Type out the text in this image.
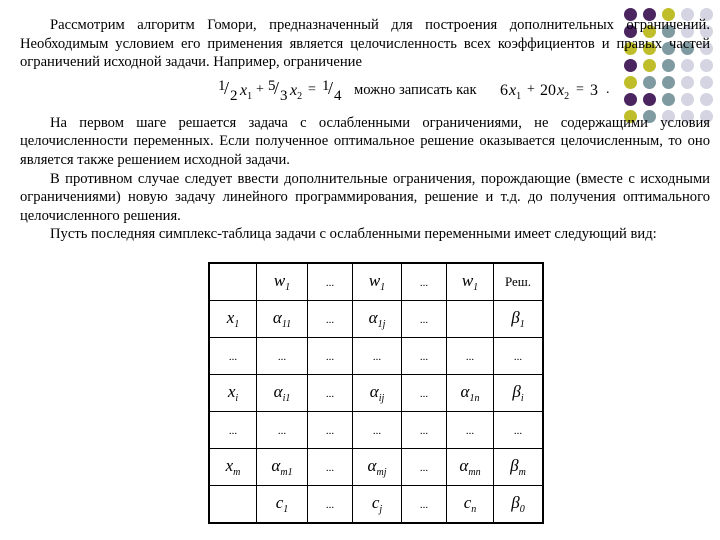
Рассмотрим алгоритм Гомори, предназначенный для построения дополнительных ограничений. Необходимым условием его применения является целочисленность всех коэффициентов и правых частей ограничений исходной задачи. Например, ограничение

На первом шаге решается задача с ослабленными ограничениями, не содержащими условия целочисленности переменных. Если полученное оптимальное решение оказывается целочисленным, то оно является также решением исходной задачи.

В противном случае следует ввести дополнительные ограничения, порождающие (вместе с исходными ограничениями) новую задачу линейного программирования, решение и т.д. до получения оптимального целочисленного решения.

Пусть последняя симплекс-таблица задачи с ослабленными переменными имеет следующий вид:

1
/ 2 $x_1 + 5$
/ 3 $x_2 = 1$
/ 4 можно записать как 6 $x_1 + 20$ $x_2 = 3$ .
	$w_1$	...	$w_1$	...	$w_1$	Реш.
$x_1$	$\alpha_{11}$	...	$\alpha_{1j}$	...		$\beta_1$
...	...	...	...	...	...	...
$x_i$	$\alpha_{i1}$	...	$\alpha_{ij}$	...	$\alpha_{1n}$	$\beta_i$
...	...	...	...	...	...	...
$x_m$	$\alpha_{m1}$	...	$\alpha_{mj}$	...	$\alpha_{mn}$	$\beta_m$
	$c_1$	...	$c_j$	...	$c_n$	$\beta_0$
